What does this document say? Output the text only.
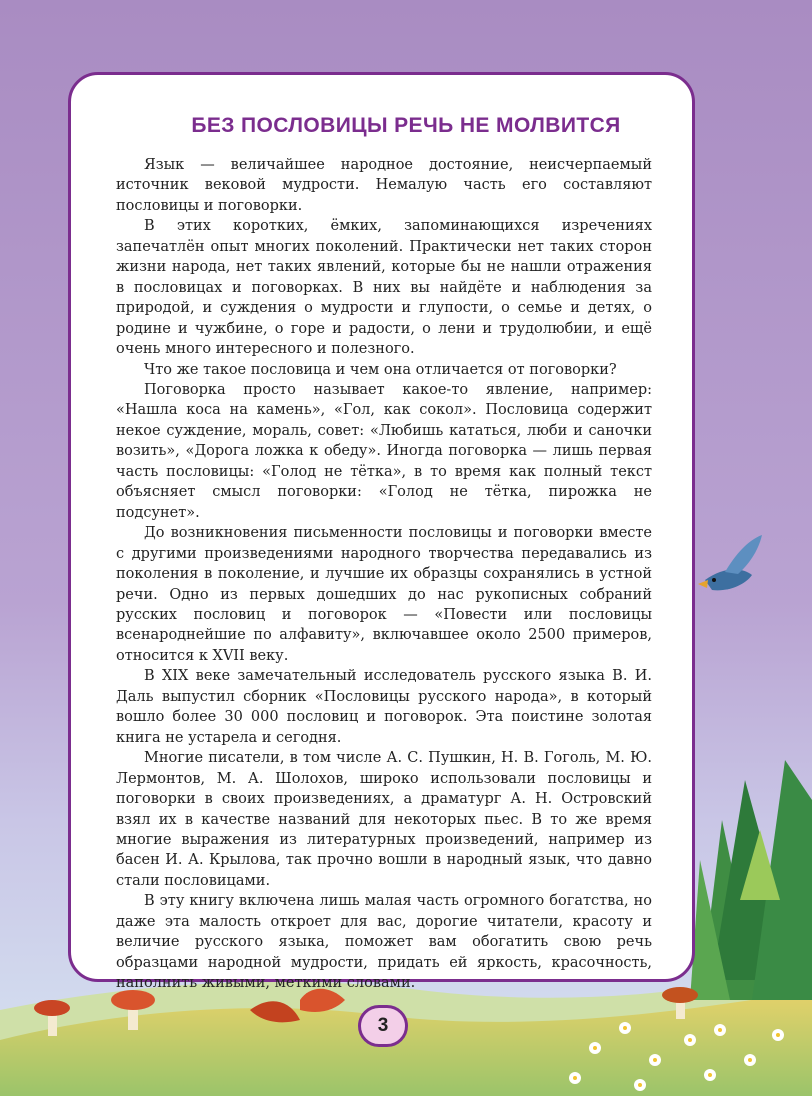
БЕЗ ПОСЛОВИЦЫ РЕЧЬ НЕ МОЛВИТСЯ

Язык — величайшее народное достояние, неисчерпаемый источник вековой мудрости. Немалую часть его составляют пословицы и поговорки.

В этих коротких, ёмких, запоминающихся изречениях запечатлён опыт многих поколений. Практически нет таких сторон жизни народа, нет таких явлений, которые бы не нашли отражения в пословицах и поговорках. В них вы найдёте и наблюдения за природой, и суждения о мудрости и глупости, о семье и детях, о родине и чужбине, о горе и радости, о лени и трудолюбии, и ещё очень много интересного и полезного.

Что же такое пословица и чем она отличается от поговорки?

Поговорка просто называет какое-то явление, например: «Нашла коса на камень», «Гол, как сокол». Пословица содержит некое суждение, мораль, совет: «Любишь кататься, люби и саночки возить», «Дорога ложка к обеду». Иногда поговорка — лишь первая часть пословицы: «Голод не тётка», в то время как полный текст объясняет смысл поговорки: «Голод не тётка, пирожка не подсунет».

До возникновения письменности пословицы и поговорки вместе с другими произведениями народного творчества передавались из поколения в поколение, и лучшие их образцы сохранялись в устной речи. Одно из первых дошедших до нас рукописных собраний русских пословиц и поговорок — «Повести или пословицы всенароднейшие по алфавиту», включавшее около 2500 примеров, относится к XVII веку.

В XIX веке замечательный исследователь русского языка В. И. Даль выпустил сборник «Пословицы русского народа», в который вошло более 30 000 пословиц и поговорок. Эта поистине золотая книга не устарела и сегодня.

Многие писатели, в том числе А. С. Пушкин, Н. В. Гоголь, М. Ю. Лермонтов, М. А. Шолохов, широко использовали пословицы и поговорки в своих произведениях, а драматург А. Н. Островский взял их в качестве названий для некоторых пьес. В то же время многие выражения из литературных произведений, например из басен И. А. Крылова, так прочно вошли в народный язык, что давно стали пословицами.

В эту книгу включена лишь малая часть огромного богатства, но даже эта малость откроет для вас, дорогие читатели, красоту и величие русского языка, поможет вам обогатить свою речь образцами народной мудрости, придать ей яркость, красочность, наполнить живыми, меткими словами.

3
